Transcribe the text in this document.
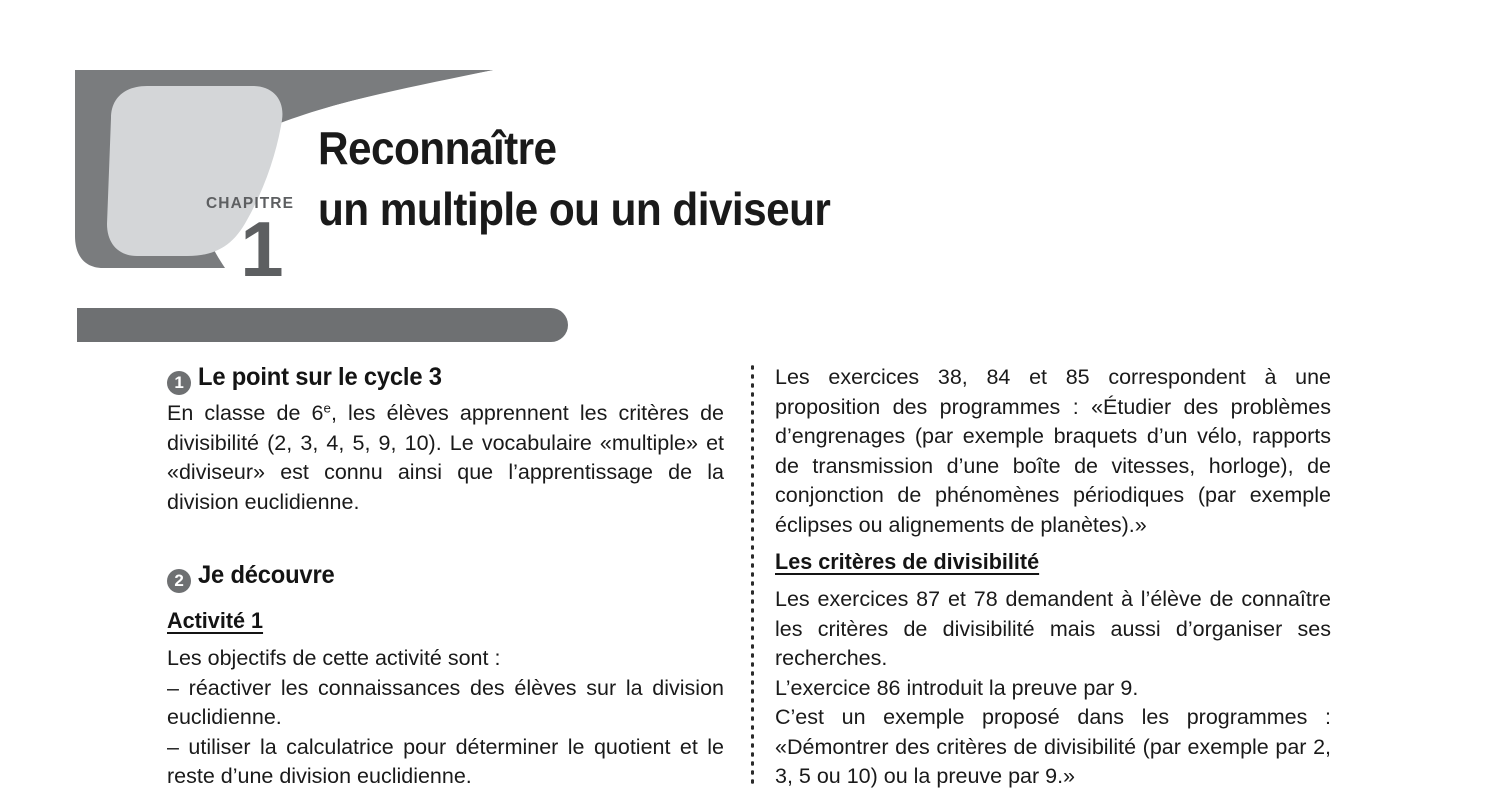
CHAPITRE
1
Reconnaître
un multiple ou un diviseur
INTENTIONS PÉDAGOGIQUES
1 Le point sur le cycle 3

En classe de 6e, les élèves apprennent les critères de divisibilité (2, 3, 4, 5, 9, 10). Le vocabulaire «multiple» et «diviseur» est connu ainsi que l’apprentissage de la division euclidienne.

2 Je découvre
Activité 1

Les objectifs de cette activité sont :

– réactiver les connaissances des élèves sur la division euclidienne.

– utiliser la calculatrice pour déterminer le quotient et le reste d’une division euclidienne.

Les exercices 38, 84 et 85 correspondent à une proposition des programmes : «Étudier des problèmes d’engrenages (par exemple braquets d’un vélo, rapports de transmission d’une boîte de vitesses, horloge), de conjonction de phénomènes périodiques (par exemple éclipses ou alignements de planètes).»

Les critères de divisibilité

Les exercices 87 et 78 demandent à l’élève de connaître les critères de divisibilité mais aussi d’organiser ses recherches.

L’exercice 86 introduit la preuve par 9.

C’est un exemple proposé dans les programmes : «Démontrer des critères de divisibilité (par exemple par 2, 3, 5 ou 10) ou la preuve par 9.»
